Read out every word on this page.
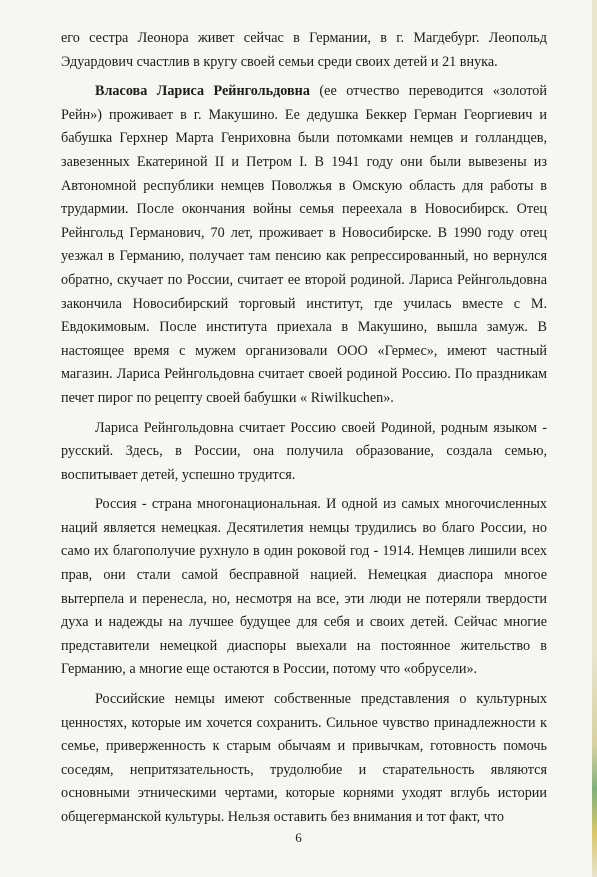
его сестра Леонора живет сейчас в Германии, в г. Магдебург. Леопольд Эдуардович счастлив в кругу своей семьи среди своих детей и 21 внука.

Власова Лариса Рейнгольдовна (ее отчество переводится «золотой Рейн») проживает в г. Макушино. Ее дедушка Беккер Герман Георгиевич и бабушка Герхнер Марта Генриховна были потомками немцев и голландцев, завезенных Екатериной II и Петром I. В 1941 году они были вывезены из Автономной республики немцев Поволжья в Омскую область для работы в трудармии. После окончания войны семья переехала в Новосибирск. Отец Рейнгольд Германович, 70 лет, проживает в Новосибирске. В 1990 году отец уезжал в Германию, получает там пенсию как репрессированный, но вернулся обратно, скучает по России, считает ее второй родиной. Лариса Рейнгольдовна закончила Новосибирский торговый институт, где училась вместе с М. Евдокимовым. После института приехала в Макушино, вышла замуж. В настоящее время с мужем организовали ООО «Гермес», имеют частный магазин. Лариса Рейнгольдовна считает своей родиной Россию. По праздникам печет пирог по рецепту своей бабушки « Riwilkuchen».

Лариса Рейнгольдовна считает Россию своей Родиной, родным языком - русский. Здесь, в России, она получила образование, создала семью, воспитывает детей, успешно трудится.

Россия - страна многонациональная. И одной из самых многочисленных наций является немецкая. Десятилетия немцы трудились во благо России, но само их благополучие рухнуло в один роковой год - 1914. Немцев лишили всех прав, они стали самой бесправной нацией. Немецкая диаспора многое вытерпела и перенесла, но, несмотря на все, эти люди не потеряли твердости духа и надежды на лучшее будущее для себя и своих детей. Сейчас многие представители немецкой диаспоры выехали на постоянное жительство в Германию, а многие еще остаются в России, потому что «обрусели».

Российские немцы имеют собственные представления о культурных ценностях, которые им хочется сохранить. Сильное чувство принадлежности к семье, приверженность к старым обычаям и привычкам, готовность помочь соседям, непритязательность, трудолюбие и старательность являются основными этническими чертами, которые корнями уходят вглубь истории общегерманской культуры. Нельзя оставить без внимания и тот факт, что

6
